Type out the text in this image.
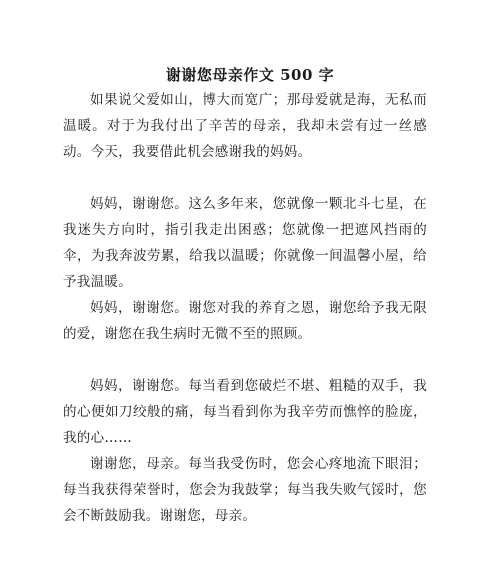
谢谢您母亲作文 500 字
如果说父爱如山，博大而宽广；那母爱就是海，无私而温暖。对于为我付出了辛苦的母亲，我却未尝有过一丝感动。今天，我要借此机会感谢我的妈妈。
妈妈，谢谢您。这么多年来，您就像一颗北斗七星，在我迷失方向时，指引我走出困惑；您就像一把遮风挡雨的伞，为我奔波劳累，给我以温暖；你就像一间温馨小屋，给予我温暖。
妈妈，谢谢您。谢您对我的养育之恩，谢您给予我无限的爱，谢您在我生病时无微不至的照顾。
妈妈，谢谢您。每当看到您破烂不堪、粗糙的双手，我的心便如刀绞般的痛，每当看到你为我辛劳而憔悴的脸庞，我的心……
谢谢您，母亲。每当我受伤时，您会心疼地流下眼泪；每当我获得荣誉时，您会为我鼓掌；每当我失败气馁时，您会不断鼓励我。谢谢您，母亲。
